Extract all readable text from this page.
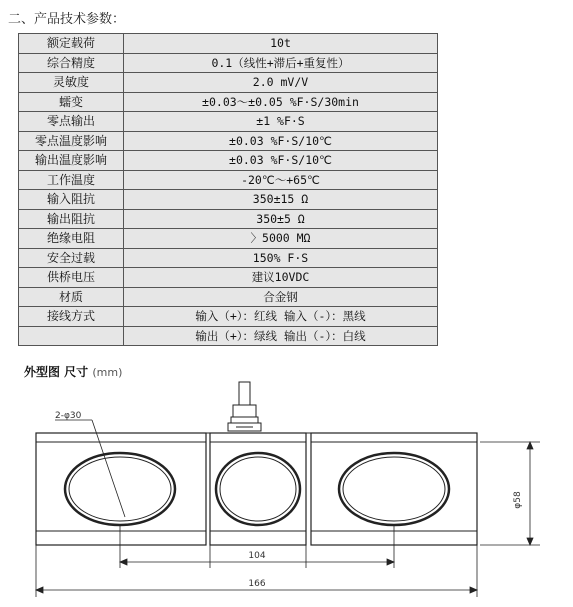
二、产品技术参数：
额定载荷	10t
综合精度	0.1（线性+滞后+重复性）
灵敏度	2.0 mV/V
蠕变	±0.03～±0.05 %F·S/30min
零点输出	±1 %F·S
零点温度影响	±0.03 %F·S/10℃
输出温度影响	±0.03 %F·S/10℃
工作温度	-20℃～+65℃
输入阻抗	350±15 Ω
输出阻抗	350±5 Ω
绝缘电阻	〉5000 MΩ
安全过载	150% F·S
供桥电压	建议10VDC
材质	合金钢
接线方式	输入（+）：红线 输入（-）：黑线
	输出（+）：绿线 输出（-）：白线
外型图 尺寸 (mm)
2-φ30
φ58
104
166
